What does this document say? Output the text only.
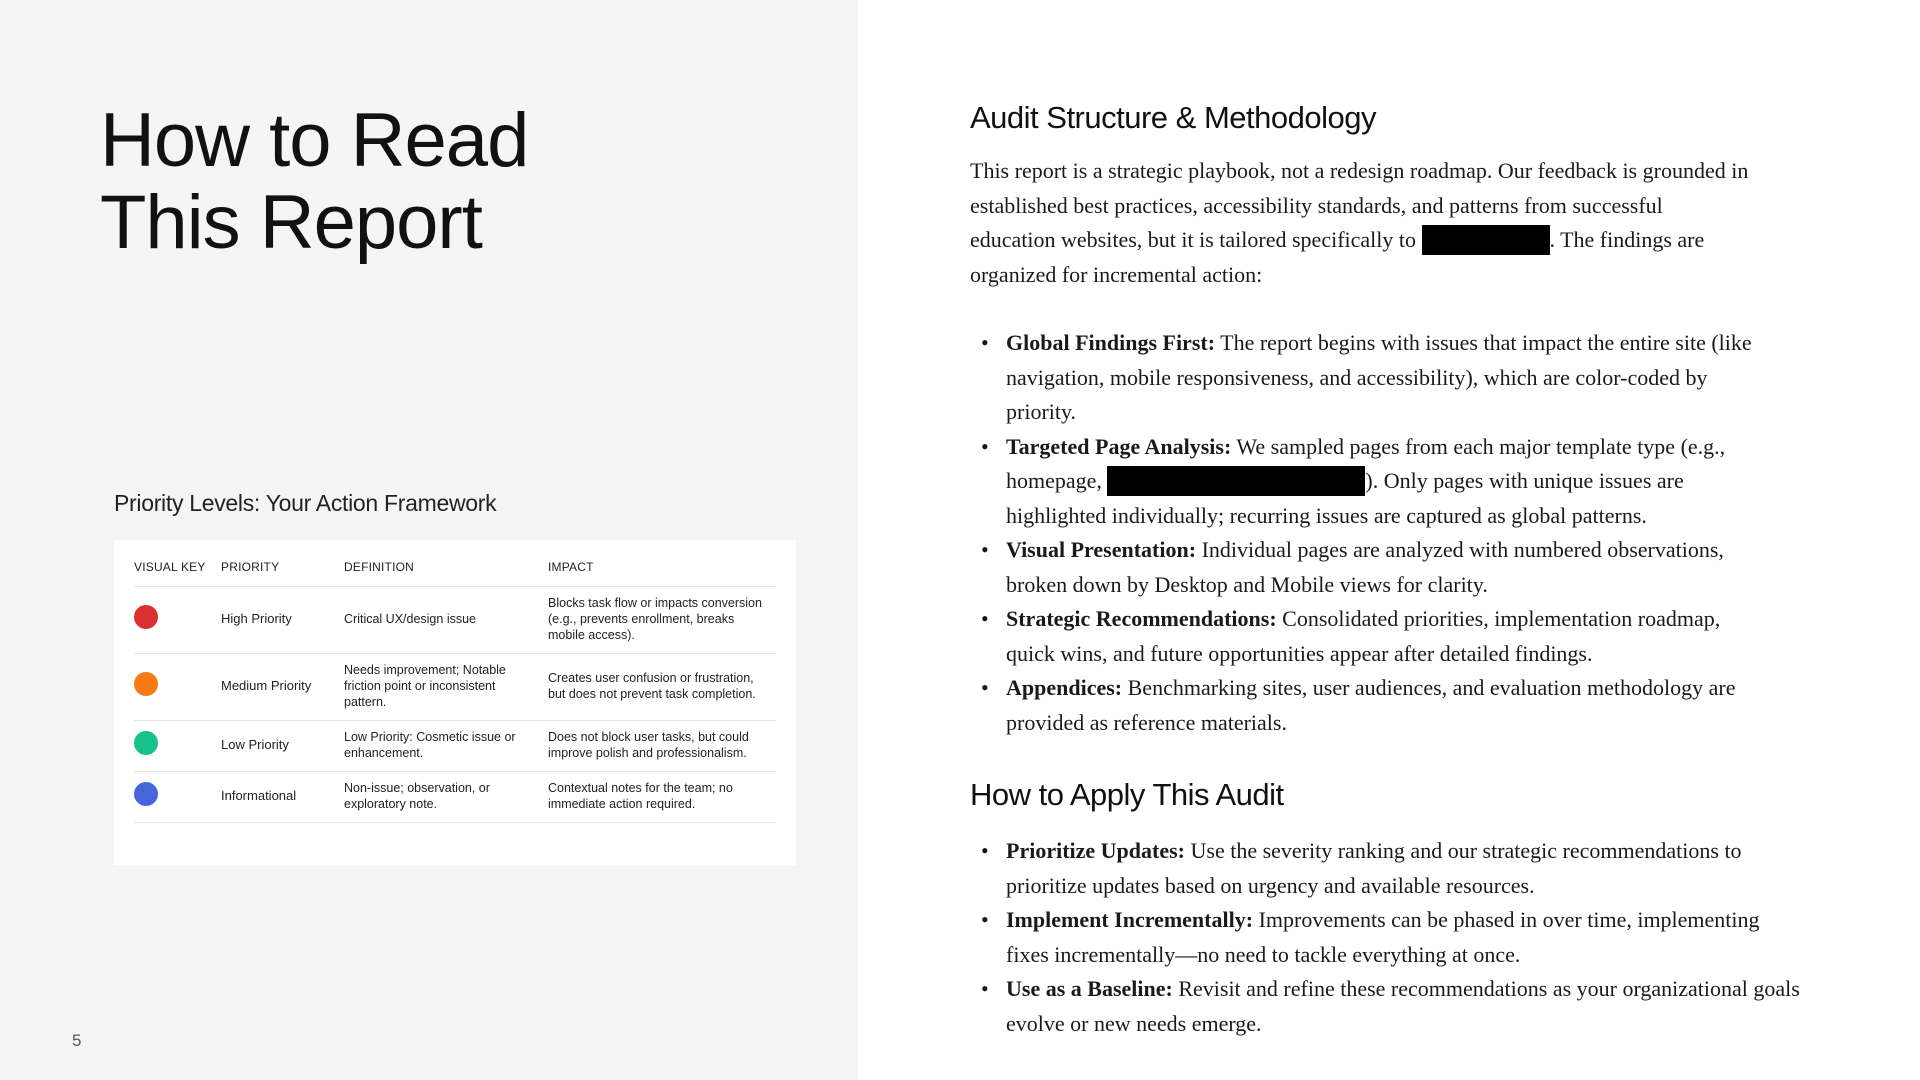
How to Read
This Report
Priority Levels: Your Action Framework
VISUAL KEY	PRIORITY	DEFINITION	IMPACT
	High Priority	Critical UX/design issue	Blocks task flow or impacts conversion (e.g., prevents enrollment, breaks mobile access).
	Medium Priority	Needs improvement; Notable friction point or inconsistent pattern.	Creates user confusion or frustration, but does not prevent task completion.
	Low Priority	Low Priority: Cosmetic issue or enhancement.	Does not block user tasks, but could improve polish and professionalism.
	Informational	Non-issue; observation, or exploratory note.	Contextual notes for the team; no immediate action required.
5
Audit Structure & Methodology

This report is a strategic playbook, not a redesign roadmap. Our feedback is grounded in established best practices, accessibility standards, and patterns from successful education websites, but it is tailored specifically to	. The findings are organized for incremental action:

• Global Findings First: The report begins with issues that impact the entire site (like navigation, mobile responsiveness, and accessibility), which are color-coded by priority.
• Targeted Page Analysis: We sampled pages from each major template type (e.g., homepage,	). Only pages with unique issues are highlighted individually; recurring issues are captured as global patterns.
• Visual Presentation: Individual pages are analyzed with numbered observations, broken down by Desktop and Mobile views for clarity.
• Strategic Recommendations: Consolidated priorities, implementation roadmap, quick wins, and future opportunities appear after detailed findings.
• Appendices: Benchmarking sites, user audiences, and evaluation methodology are provided as reference materials.
How to Apply This Audit
• Prioritize Updates: Use the severity ranking and our strategic recommendations to prioritize updates based on urgency and available resources.
• Implement Incrementally: Improvements can be phased in over time, implementing fixes incrementally—no need to tackle everything at once.
• Use as a Baseline: Revisit and refine these recommendations as your organizational goals evolve or new needs emerge.
